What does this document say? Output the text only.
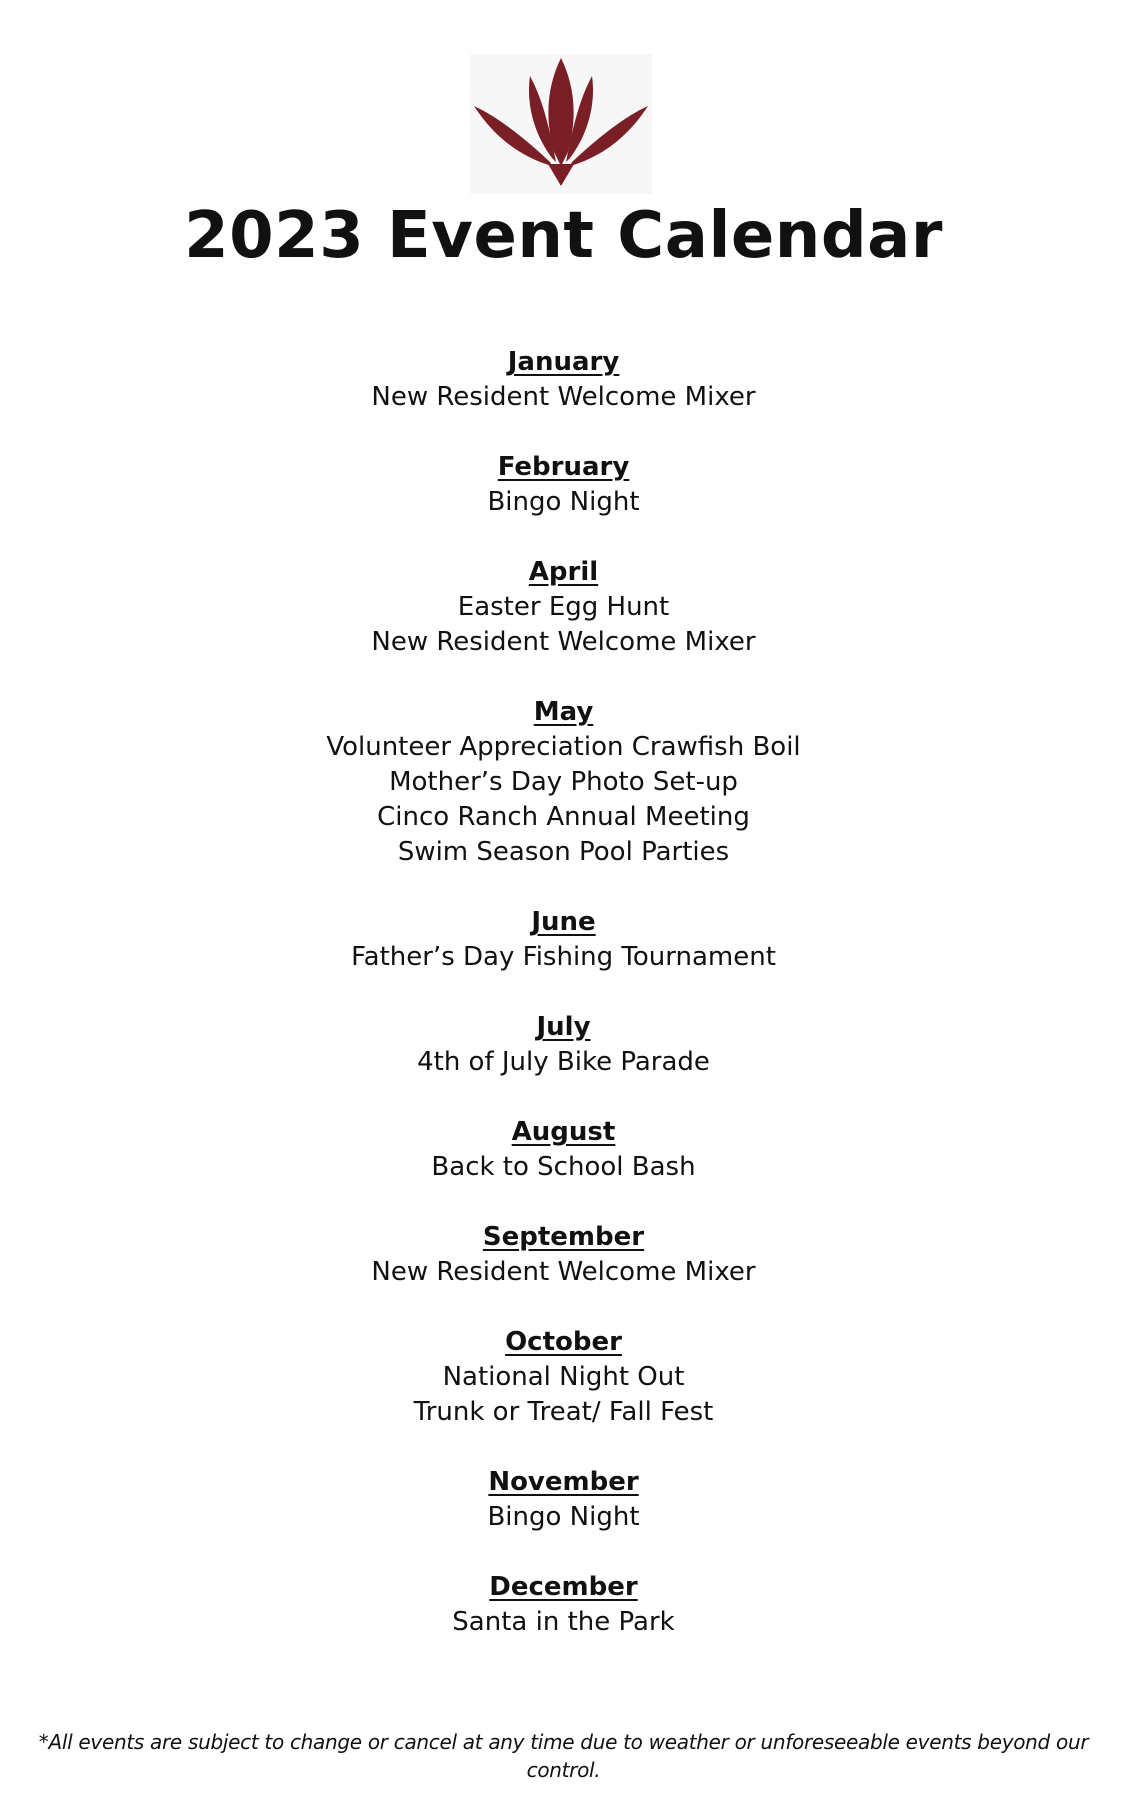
2023 Event Calendar
January
New Resident Welcome Mixer
February
Bingo Night
April
Easter Egg Hunt
New Resident Welcome Mixer
May
Volunteer Appreciation Crawfish Boil
Mother’s Day Photo Set-up
Cinco Ranch Annual Meeting
Swim Season Pool Parties
June
Father’s Day Fishing Tournament
July
4th of July Bike Parade
August
Back to School Bash
September
New Resident Welcome Mixer
October
National Night Out
Trunk or Treat/ Fall Fest
November
Bingo Night
December
Santa in the Park
*All events are subject to change or cancel at any time due to weather or unforeseeable events beyond our control.
